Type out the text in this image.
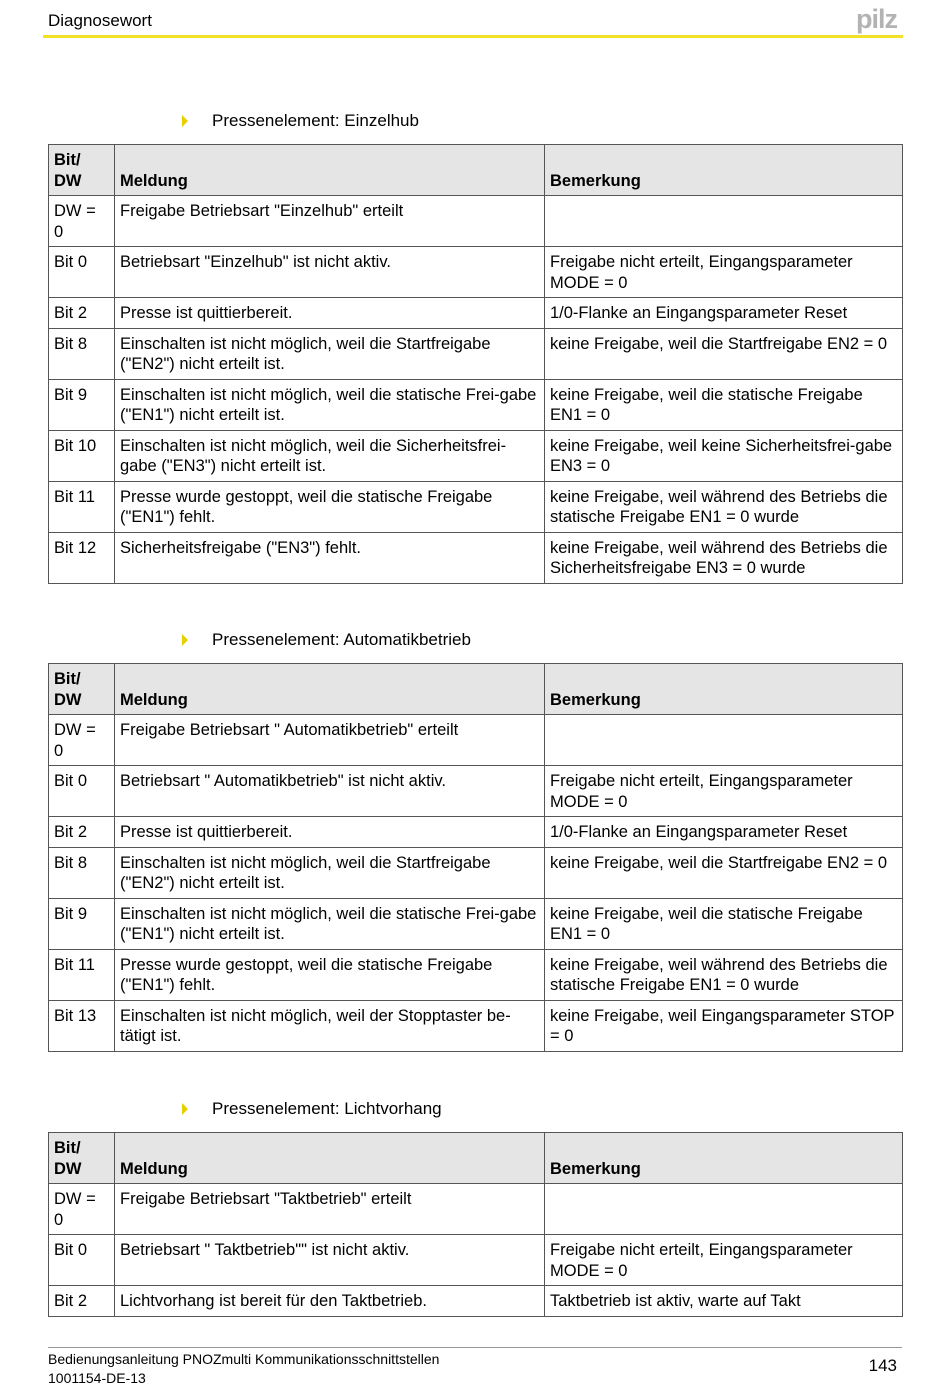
Diagnosewort	pilz
Pressenelement: Einzelhub
Bit/ DW	Meldung	Bemerkung
DW = 0	Freigabe Betriebsart "Einzelhub" erteilt	
Bit 0	Betriebsart "Einzelhub" ist nicht aktiv.	Freigabe nicht erteilt, Eingangsparameter MODE = 0
Bit 2	Presse ist quittierbereit.	1/0-Flanke an Eingangsparameter Reset
Bit 8	Einschalten ist nicht möglich, weil die Startfreigabe ("EN2") nicht erteilt ist.	keine Freigabe, weil die Startfreigabe EN2 = 0
Bit 9	Einschalten ist nicht möglich, weil die statische Frei-gabe ("EN1") nicht erteilt ist.	keine Freigabe, weil die statische Freigabe EN1 = 0
Bit 10	Einschalten ist nicht möglich, weil die Sicherheitsfrei-gabe ("EN3") nicht erteilt ist.	keine Freigabe, weil keine Sicherheitsfrei-gabe EN3 = 0
Bit 11	Presse wurde gestoppt, weil die statische Freigabe ("EN1") fehlt.	keine Freigabe, weil während des Betriebs die statische Freigabe EN1 = 0 wurde
Bit 12	Sicherheitsfreigabe ("EN3") fehlt.	keine Freigabe, weil während des Betriebs die Sicherheitsfreigabe EN3 = 0 wurde
Pressenelement: Automatikbetrieb
Bit/ DW	Meldung	Bemerkung
DW = 0	Freigabe Betriebsart " Automatikbetrieb" erteilt	
Bit 0	Betriebsart " Automatikbetrieb" ist nicht aktiv.	Freigabe nicht erteilt, Eingangsparameter MODE = 0
Bit 2	Presse ist quittierbereit.	1/0-Flanke an Eingangsparameter Reset
Bit 8	Einschalten ist nicht möglich, weil die Startfreigabe ("EN2") nicht erteilt ist.	keine Freigabe, weil die Startfreigabe EN2 = 0
Bit 9	Einschalten ist nicht möglich, weil die statische Frei-gabe ("EN1") nicht erteilt ist.	keine Freigabe, weil die statische Freigabe EN1 = 0
Bit 11	Presse wurde gestoppt, weil die statische Freigabe ("EN1") fehlt.	keine Freigabe, weil während des Betriebs die statische Freigabe EN1 = 0 wurde
Bit 13	Einschalten ist nicht möglich, weil der Stopptaster be-tätigt ist.	keine Freigabe, weil Eingangsparameter STOP = 0
Pressenelement: Lichtvorhang
Bit/ DW	Meldung	Bemerkung
DW = 0	Freigabe Betriebsart "Taktbetrieb" erteilt	
Bit 0	Betriebsart " Taktbetrieb"" ist nicht aktiv.	Freigabe nicht erteilt, Eingangsparameter MODE = 0
Bit 2	Lichtvorhang ist bereit für den Taktbetrieb.	Taktbetrieb ist aktiv, warte auf Takt
Bedienungsanleitung PNOZmulti Kommunikationsschnittstellen
1001154-DE-13
143
